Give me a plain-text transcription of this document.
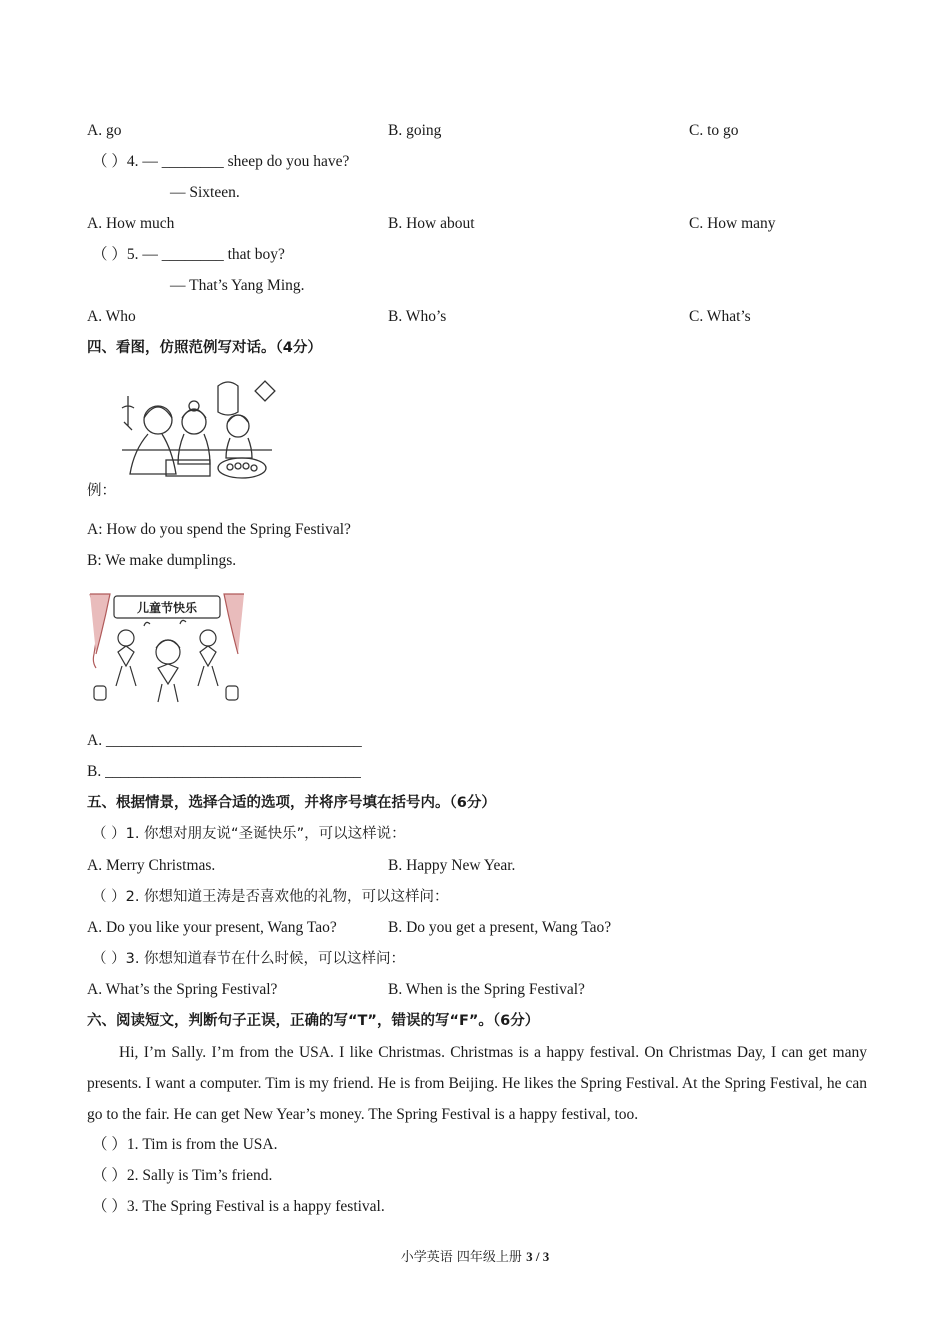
A. go	B. going	C. to go
（ ）4. — ________ sheep do you have?
— Sixteen.
A. How much	B. How about	C. How many
（ ）5. — ________ that boy?
— That’s Yang Ming.
A. Who	B. Who’s	C. What’s
四、看图，仿照范例写对话。（4分）
例：
A: How do you spend the Spring Festival?
B: We make dumplings.
儿童节快乐
A. _________________________________
B. _________________________________
五、根据情景，选择合适的选项，并将序号填在括号内。（6分）
（ ）1. 你想对朋友说“圣诞快乐”，可以这样说：
A. Merry Christmas.	B. Happy New Year.
（ ）2. 你想知道王涛是否喜欢他的礼物，可以这样问：
A. Do you like your present, Wang Tao?	B. Do you get a present, Wang Tao?
（ ）3. 你想知道春节在什么时候，可以这样问：
A. What’s the Spring Festival?	B. When is the Spring Festival?
六、阅读短文，判断句子正误，正确的写“T”，错误的写“F”。（6分）
Hi, I’m Sally. I’m from the USA. I like Christmas. Christmas is a happy festival. On Christmas Day, I can get many presents. I want a computer. Tim is my friend. He is from Beijing. He likes the Spring Festival. At the Spring Festival, he can go to the fair. He can get New Year’s money. The Spring Festival is a happy festival, too.
（ ）1. Tim is from the USA.
（ ）2. Sally is Tim’s friend.
（ ）3. The Spring Festival is a happy festival.
小学英语 四年级上册 3 / 3
